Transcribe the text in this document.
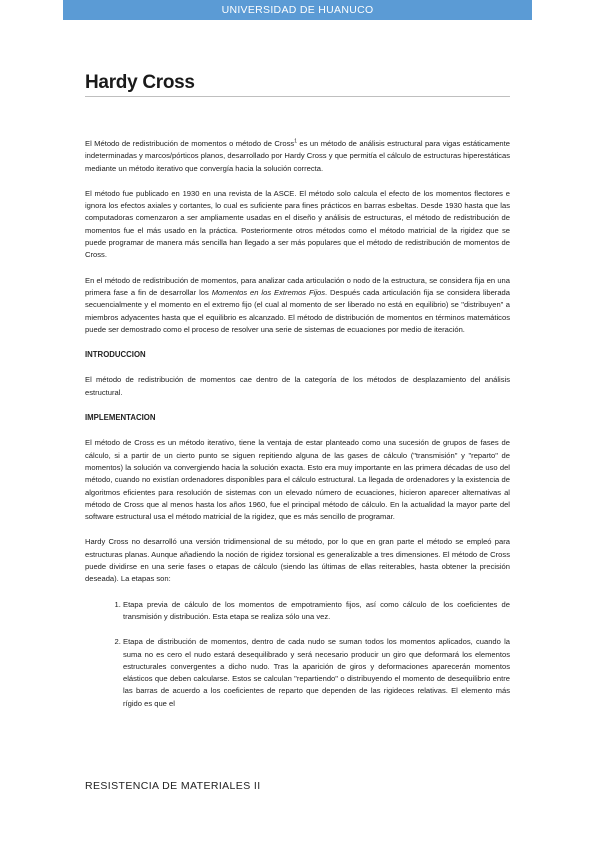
UNIVERSIDAD DE HUANUCO
Hardy Cross

El Método de redistribución de momentos o método de Cross$^1$ es un método de análisis estructural para vigas estáticamente indeterminadas y marcos/pórticos planos, desarrollado por Hardy Cross y que permitía el cálculo de estructuras hiperestáticas mediante un método iterativo que convergía hacia la solución correcta.

El método fue publicado en 1930 en una revista de la ASCE. El método solo calcula el efecto de los momentos flectores e ignora los efectos axiales y cortantes, lo cual es suficiente para fines prácticos en barras esbeltas. Desde 1930 hasta que las computadoras comenzaron a ser ampliamente usadas en el diseño y análisis de estructuras, el método de redistribución de momentos fue el más usado en la práctica. Posteriormente otros métodos como el método matricial de la rigidez que se puede programar de manera más sencilla han llegado a ser más populares que el método de redistribución de momentos de Cross.

En el método de redistribución de momentos, para analizar cada articulación o nodo de la estructura, se considera fija en una primera fase a fin de desarrollar los Momentos en los Extremos Fijos. Después cada articulación fija se considera liberada secuencialmente y el momento en el extremo fijo (el cual al momento de ser liberado no está en equilibrio) se "distribuyen" a miembros adyacentes hasta que el equilibrio es alcanzado. El método de distribución de momentos en términos matemáticos puede ser demostrado como el proceso de resolver una serie de sistemas de ecuaciones por medio de iteración.

INTRODUCCION

El método de redistribución de momentos cae dentro de la categoría de los métodos de desplazamiento del análisis estructural.

IMPLEMENTACION

El método de Cross es un método iterativo, tiene la ventaja de estar planteado como una sucesión de grupos de fases de cálculo, si a partir de un cierto punto se siguen repitiendo alguna de las gases de cálculo ("transmisión" y "reparto" de momentos) la solución va convergiendo hacia la solución exacta. Esto era muy importante en las primera décadas de uso del método, cuando no existían ordenadores disponibles para el cálculo estructural. La llegada de ordenadores y la existencia de algoritmos eficientes para resolución de sistemas con un elevado número de ecuaciones, hicieron aparecer alternativas al método de Cross que al menos hasta los años 1960, fue el principal método de cálculo. En la actualidad la mayor parte del software estructural usa el método matricial de la rigidez, que es más sencillo de programar.

Hardy Cross no desarrolló una versión tridimensional de su método, por lo que en gran parte el método se empleó para estructuras planas. Aunque añadiendo la noción de rigidez torsional es generalizable a tres dimensiones. El método de Cross puede dividirse en una serie fases o etapas de cálculo (siendo las últimas de ellas reiterables, hasta obtener la precisión deseada). La etapas son:

1. Etapa previa de cálculo de los momentos de empotramiento fijos, así como cálculo de los coeficientes de transmisión y distribución. Esta etapa se realiza sólo una vez.
2. Etapa de distribución de momentos, dentro de cada nudo se suman todos los momentos aplicados, cuando la suma no es cero el nudo estará desequilibrado y será necesario producir un giro que deformará los elementos estructurales convergentes a dicho nudo. Tras la aparición de giros y deformaciones aparecerán momentos elásticos que deben calcularse. Estos se calculan "repartiendo" o distribuyendo el momento de desequilibrio entre las barras de acuerdo a los coeficientes de reparto que dependen de las rigideces relativas. El elemento más rígido es que el
RESISTENCIA DE MATERIALES II
